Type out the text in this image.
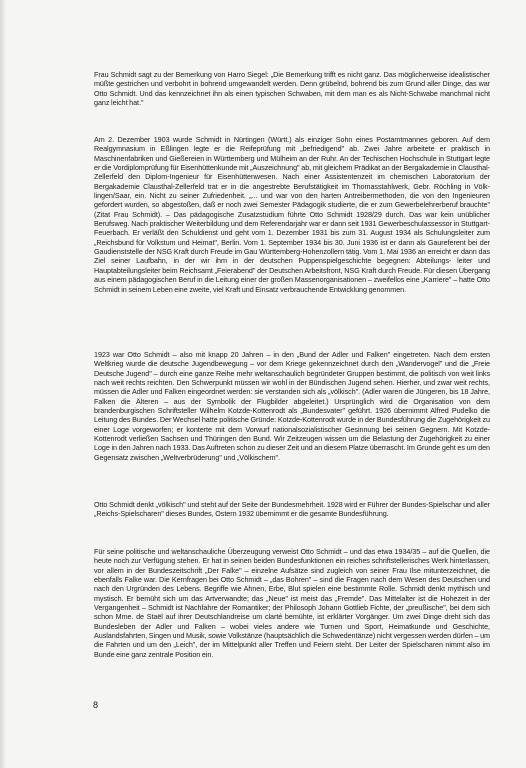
Frau Schmidt sagt zu der Bemerkung von Harro Siegel: „Die Bemerkung trifft es nicht ganz. Das möglicherweise idealistischer müßte gestrichen und verbohrt in bohrend umgewandelt werden. Denn grübelnd, bohrend bis zum Grund aller Dinge, das war Otto Schmidt. Und das kennzeichnet ihn als einen typischen Schwaben, mit dem man es als Nicht-Schwabe manchmal nicht ganz leicht hat."

Am 2. Dezember 1903 wurde Schmidt in Nürtingen (Württ.) als einziger Sohn eines Postamtmannes geboren. Auf dem Realgymnasium in Eßlingen legte er die Reifeprüfung mit „befriedigend" ab. Zwei Jahre arbeitete er praktisch in Maschinenfabriken und Gießereien in Württemberg und Mülheim an der Ruhr. An der Techischen Hochschule in Stuttgart legte er die Vordiplomprüfung für Eisenhüttenkunde mit „Auszeichnung" ab, mit gleichem Prädikat an der Bergakademie in Clausthal-Zellerfeld den Diplom-Ingenieur für Eisenhüttenwesen. Nach einer Assistentenzeit im chemischen Laboratorium der Bergakademie Clausthal-Zellerfeld trat er in die angestrebte Berufstätigkeit im Thomasstahlwerk, Gebr. Röchling in Völklingen/Saar, ein. Nicht zu seiner Zufriedenheit. „... und war von den harten Antreibermethoden, die von den Ingenieuren gefordert wurden, so abgestoßen, daß er noch zwei Semester Pädagogik studierte, die er zum Gewerbelehrerberuf brauchte" (Zitat Frau Schmidt). – Das pädagogische Zusatzstudium führte Otto Schmidt 1928/29 durch. Das war kein unüblicher Berufsweg. Nach praktischer Weiterbildung und dem Referendarjahr war er dann seit 1931 Gewerbeschulassessor in Stuttgart-Feuerbach. Er verläßt den Schuldienst und geht vom 1. Dezember 1931 bis zum 31. August 1934 als Schulungsleiter zum „Reichsbund für Volkstum und Heimat", Berlin. Vom 1. September 1934 bis 30. Juni 1936 ist er dann als Gaureferent bei der Gaudienststelle der NSG Kraft durch Freude im Gau Württemberg-Hohenzollern tätig. Vom 1. Mai 1936 an erreicht er dann das Ziel seiner Laufbahn, in der wir ihm in der deutschen Puppenspielgeschichte begegnen: Abteilungs- leiter und Hauptabteilungsleiter beim Reichsamt „Feierabend" der Deutschen Arbeitsfront, NSG Kraft durch Freude. Für diesen Übergang aus einem pädagogischen Beruf in die Leitung einer der großen Massenorganisationen – zweifellos eine „Karriere" – hatte Otto Schmidt in seinem Leben eine zweite, viel Kraft und Einsatz verbrauchende Entwicklung genommen.

1923 war Otto Schmidt – also mit knapp 20 Jahren – in den „Bund der Adler und Falken" eingetreten. Nach dem ersten Weltkrieg wurde die deutsche Jugendbewegung – vor dem Kriege gekennzeichnet durch den „Wandervogel" und die „Freie Deutsche Jugend" – durch eine ganze Reihe mehr weltanschaulich begründeter Gruppen bestimmt, die politisch von weit links nach weit rechts reichten. Den Schwerpunkt müssen wir wohl in der Bündischen Jugend sehen. Hierher, und zwar weit rechts, müssen die Adler und Falken eingeordnet werden: sie verstanden sich als „völkisch". (Adler waren die Jüngeren, bis 18 Jahre, Falken die Älteren – aus der Symbolik der Flugbilder abgeleitet.) Ursprünglich wird die Organisation von dem brandenburgischen Schriftsteller Wilhelm Kotzde-Kottenrodt als „Bundesvater" geführt. 1926 übernimmt Alfred Pudelko die Leitung des Bundes. Der Wechsel hatte politische Gründe: Kotzde-Kottenrodt wurde in der Bundesführung die Zugehörigkeit zu einer Loge vorgeworfen; er konterte mit dem Vorwurf nationalsozialistischer Gesinnung bei seinen Gegnern. Mit Kotzde-Kottenrodt verließen Sachsen und Thüringen den Bund. Wir Zeitzeugen wissen um die Belastung der Zugehörigkeit zu einer Loge in den Jahren nach 1933. Das Auftreten schon zu dieser Zeit und an diesem Platze überrascht. Im Grunde geht es um den Gegensatz zwischen „Weltverbrüderung" und „Völkischem".

Otto Schmidt denkt „völkisch" und steht auf der Seite der Bundesmehrheit. 1928 wird er Führer der Bundes-Spielschar und aller „Reichs-Spielscharen" dieses Bundes, Ostern 1932 übernimmt er die gesamte Bundesführung.

Für seine politische und weltanschauliche Überzeugung verweist Otto Schmidt – und das etwa 1934/35 – auf die Quellen, die heute noch zur Verfügung stehen. Er hat in seinen beiden Bundesfunktionen ein reiches schriftstellerisches Werk hinterlassen, vor allem in der Bundeszeitschrift „Der Falke" – einzelne Aufsätze sind zugleich von seiner Frau Ilse mitunterzeichnet, die ebenfalls Falke war. Die Kernfragen bei Otto Schmidt – „das Bohren" – sind die Fragen nach dem Wesen des Deutschen und nach den Urgründen des Lebens. Begriffe wie Ahnen, Erbe, Blut spielen eine bestimmte Rolle. Schmidt denkt mythisch und mystisch. Er bemüht sich um das Artverwandte; das „Neue" ist meist das „Fremde". Das Mittelalter ist die Hohezeit in der Vergangenheit – Schmidt ist Nachfahre der Romantiker; der Philosoph Johann Gottlieb Fichte, der „preußische", bei dem sich schon Mme. de Staël auf ihrer Deutschlandreise um clarté bemühte, ist erklärter Vorgänger. Um zwei Dinge dreht sich das Bundesleben der Adler und Falken – wobei vieles andere wie Turnen und Sport, Heimatkunde und Geschichte, Auslandsfahrten, Singen und Musik, sowie Volkstänze (hauptsächlich die Schwedentänze) nicht vergessen werden dürfen – um die Fahrten und um den „Leich", der im Mittelpunkt aller Treffen und Feiern steht. Der Leiter der Spielscharen nimmt also im Bunde eine ganz zentrale Position ein.

8
